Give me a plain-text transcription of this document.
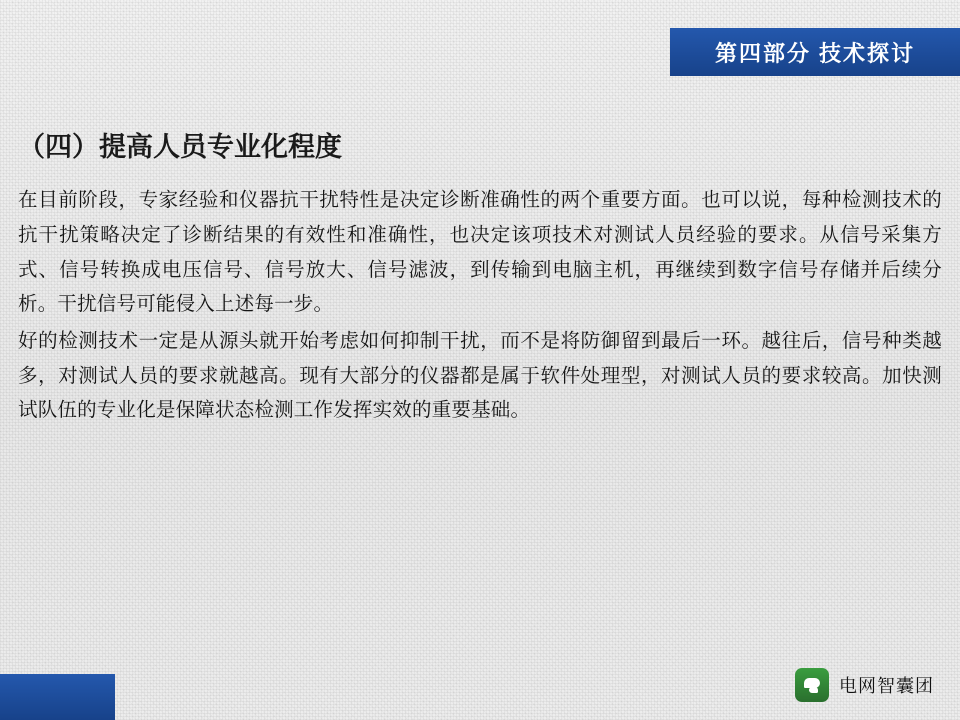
第四部分 技术探讨
（四）提高人员专业化程度

在目前阶段，专家经验和仪器抗干扰特性是决定诊断准确性的两个重要方面。也可以说，每种检测技术的抗干扰策略决定了诊断结果的有效性和准确性，也决定该项技术对测试人员经验的要求。从信号采集方式、信号转换成电压信号、信号放大、信号滤波，到传输到电脑主机，再继续到数字信号存储并后续分析。干扰信号可能侵入上述每一步。

好的检测技术一定是从源头就开始考虑如何抑制干扰，而不是将防御留到最后一环。越往后，信号种类越多，对测试人员的要求就越高。现有大部分的仪器都是属于软件处理型，对测试人员的要求较高。加快测试队伍的专业化是保障状态检测工作发挥实效的重要基础。

电网智囊团
